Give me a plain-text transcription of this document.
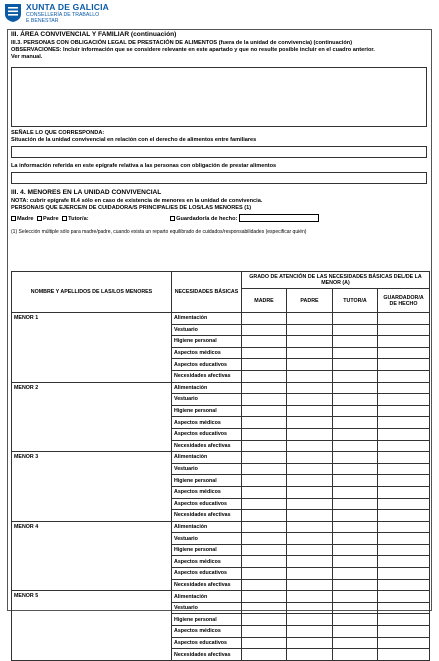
XUNTA DE GALICIA
CONSELLERÍA DE TRABALLO
E BENESTAR
III. ÁREA CONVIVENCIAL Y FAMILIAR (continuación)
III.3. PERSONAS CON OBLIGACIÓN LEGAL DE PRESTACIÓN DE ALIMENTOS (fuera de la unidad de convivencia) (continuación)
OBSERVACIONES: Incluir información que se considere relevante en este apartado y que no resulte posible incluir en el cuadro anterior.
Ver manual.
SEÑALE LO QUE CORRESPONDA:
Situación de la unidad convivencial en relación con el derecho de alimentos entre familiares
La información referida en este epígrafe relativa a las personas con obligación de prestar alimentos
III. 4. MENORES EN LA UNIDAD CONVIVENCIAL
NOTA: cubrir epígrafe III.4 sólo en caso de existencia de menores en la unidad de convivencia.
PERSONA/S QUE EJERCE/N DE CUIDADORA/S PRINCIPAL/ES DE LOS/LAS MENORES (1)
Madre Padre Tutor/a:	Guardador/a de hecho:
(1) Selección múltiple sólo para madre/padre, cuando exista un reparto equilibrado de cuidados/responsabilidades (especificar quién)
NOMBRE Y APELLIDOS DE LAS/LOS MENORES	NECESIDADES BÁSICAS	GRADO DE ATENCIÓN DE LAS NECESIDADES BÁSICAS DEL/DE LA MENOR (A)			
		MADRE	PADRE	TUTOR/A	GUARDADOR/A DE HECHO
MENOR 1	Alimentación				
	Vestuario				
	Higiene personal				
	Aspectos médicos				
	Aspectos educativos				
	Necesidades afectivas				
MENOR 2	Alimentación				
	Vestuario				
	Higiene personal				
	Aspectos médicos				
	Aspectos educativos				
	Necesidades afectivas				
MENOR 3	Alimentación				
	Vestuario				
	Higiene personal				
	Aspectos médicos				
	Aspectos educativos				
	Necesidades afectivas				
MENOR 4	Alimentación				
	Vestuario				
	Higiene personal				
	Aspectos médicos				
	Aspectos educativos				
	Necesidades afectivas				
MENOR 5	Alimentación				
	Vestuario				
	Higiene personal				
	Aspectos médicos				
	Aspectos educativos				
	Necesidades afectivas				
